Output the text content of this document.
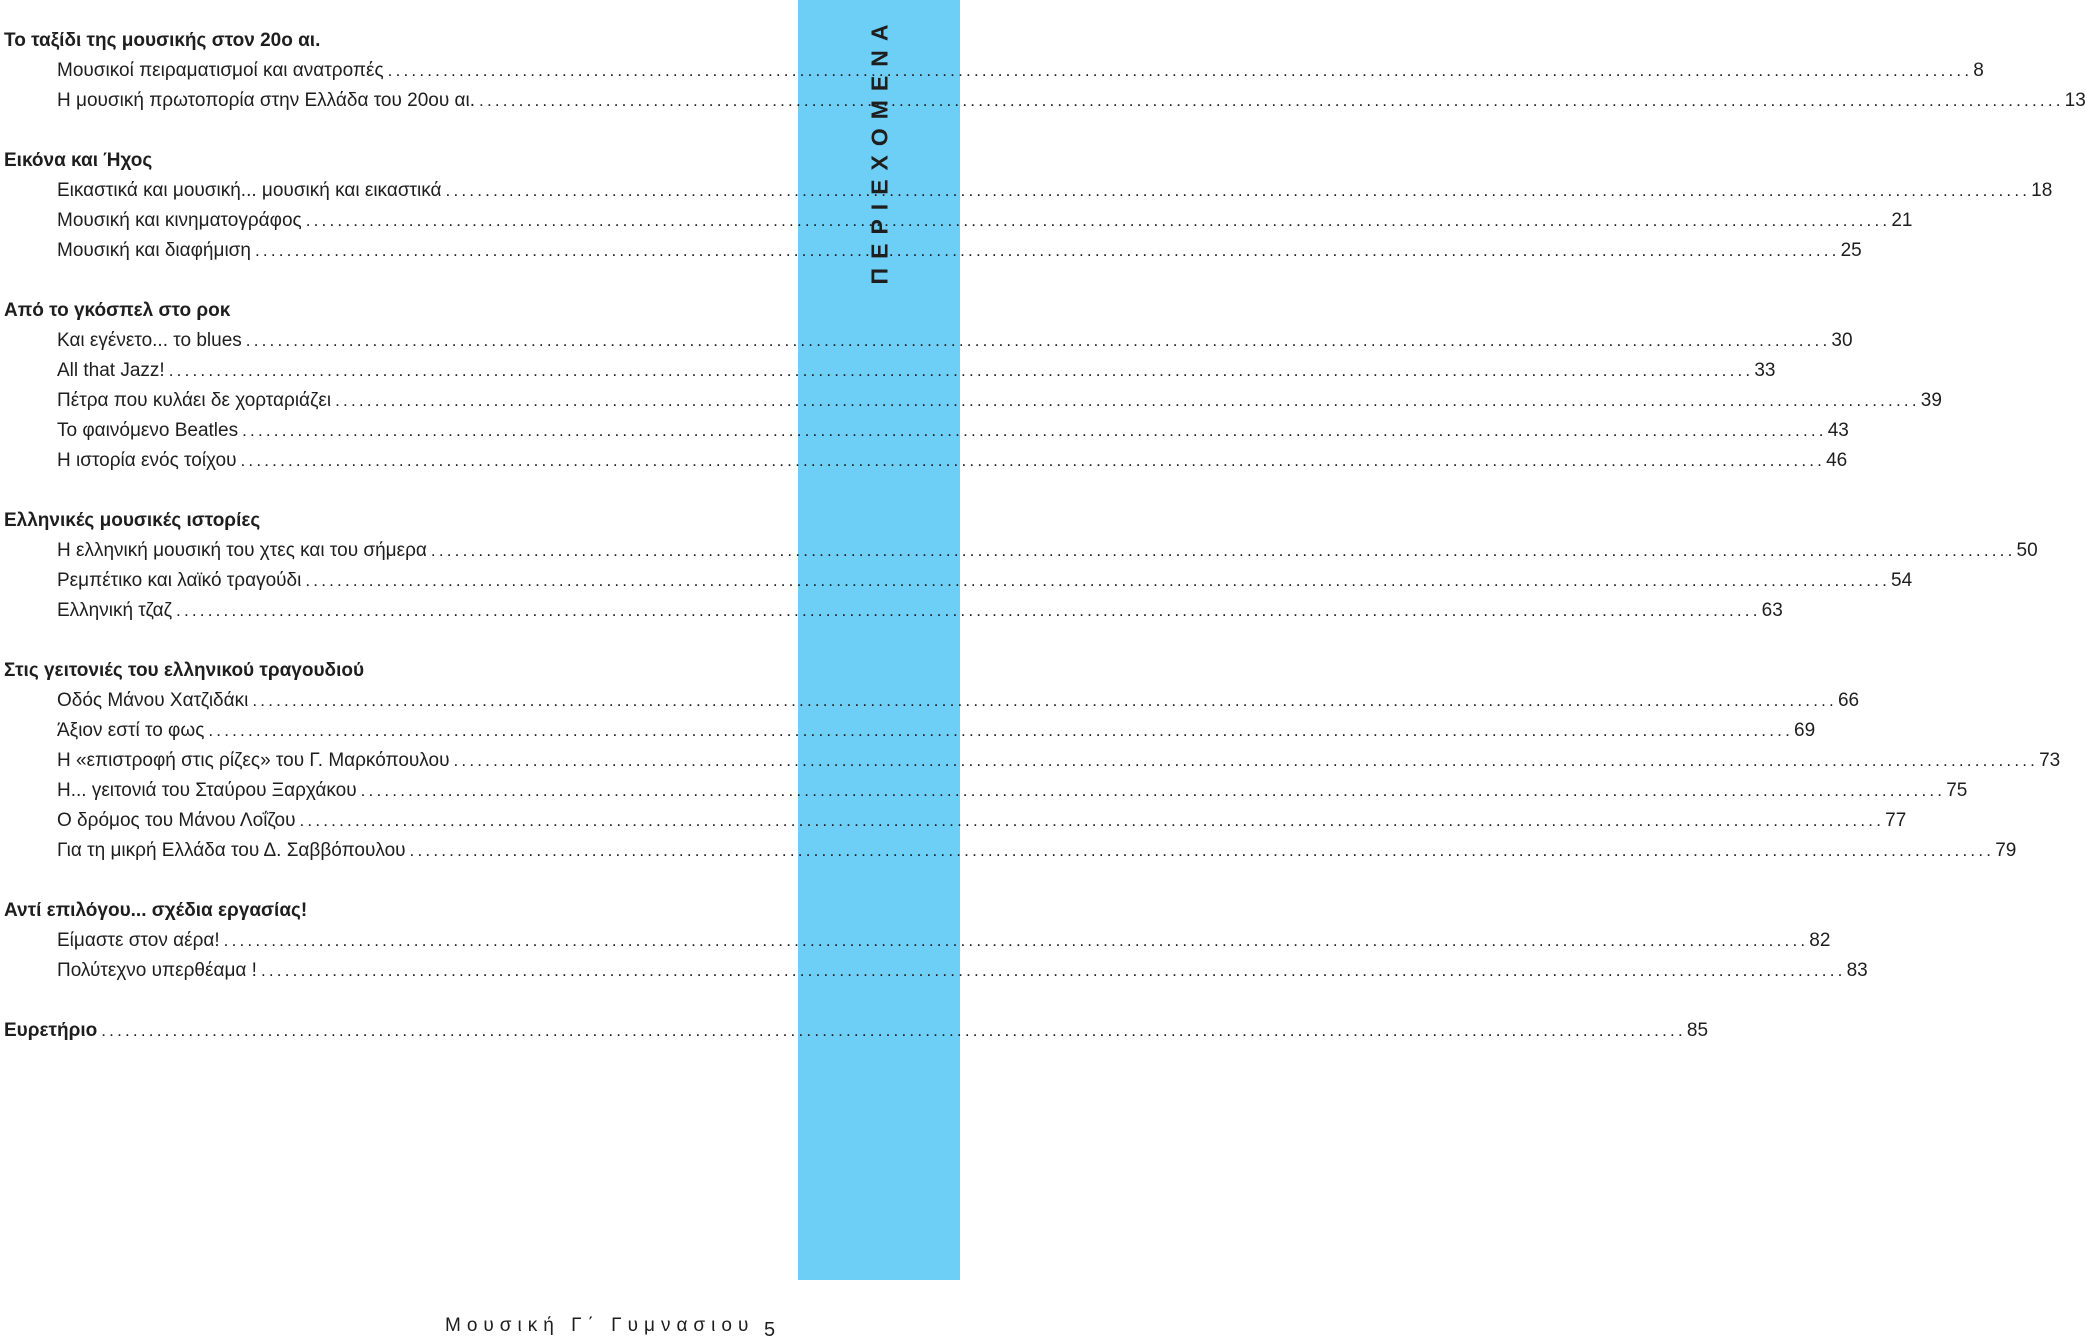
ΠΕΡΙΕΧΟΜΕΝΑ
Το ταξίδι της μουσικής στον 20ο αι.
Μουσικοί πειραματισμοί και ανατροπές ........................................................................................................................................................................................................ 8
Η μουσική πρωτοπορία στην Ελλάδα του 20ου αι. ........................................................................................................................................................................................................ 13
Εικόνα και Ήχος
Εικαστικά και μουσική... μουσική και εικαστικά ........................................................................................................................................................................................................ 18
Μουσική και κινηματογράφος ........................................................................................................................................................................................................ 21
Μουσική και διαφήμιση ........................................................................................................................................................................................................ 25
Από το γκόσπελ στο ροκ
Και εγένετο... το blues ........................................................................................................................................................................................................ 30
All that Jazz! ........................................................................................................................................................................................................ 33
Πέτρα που κυλάει δε χορταριάζει ........................................................................................................................................................................................................ 39
Το φαινόμενο Beatles ........................................................................................................................................................................................................ 43
Η ιστορία ενός τοίχου ........................................................................................................................................................................................................ 46
Ελληνικές μουσικές ιστορίες
Η ελληνική μουσική του χτες και του σήμερα ........................................................................................................................................................................................................ 50
Ρεμπέτικο και λαϊκό τραγούδι ........................................................................................................................................................................................................ 54
Ελληνική τζαζ ........................................................................................................................................................................................................ 63
Στις γειτονιές του ελληνικού τραγουδιού
Οδός Μάνου Χατζιδάκι ........................................................................................................................................................................................................ 66
Άξιον εστί το φως ........................................................................................................................................................................................................ 69
Η «επιστροφή στις ρίζες» του Γ. Μαρκόπουλου ........................................................................................................................................................................................................ 73
Η... γειτονιά του Σταύρου Ξαρχάκου ........................................................................................................................................................................................................ 75
Ο δρόμος του Μάνου Λοΐζου ........................................................................................................................................................................................................ 77
Για τη μικρή Ελλάδα του Δ. Σαββόπουλου ........................................................................................................................................................................................................ 79
Αντί επιλόγου... σχέδια εργασίας!
Είμαστε στον αέρα! ........................................................................................................................................................................................................ 82
Πολύτεχνο υπερθέαμα ! ........................................................................................................................................................................................................ 83
Ευρετήριο ........................................................................................................................................................................................................ 85
Μουσική Γ΄ Γυμνασιου 5
